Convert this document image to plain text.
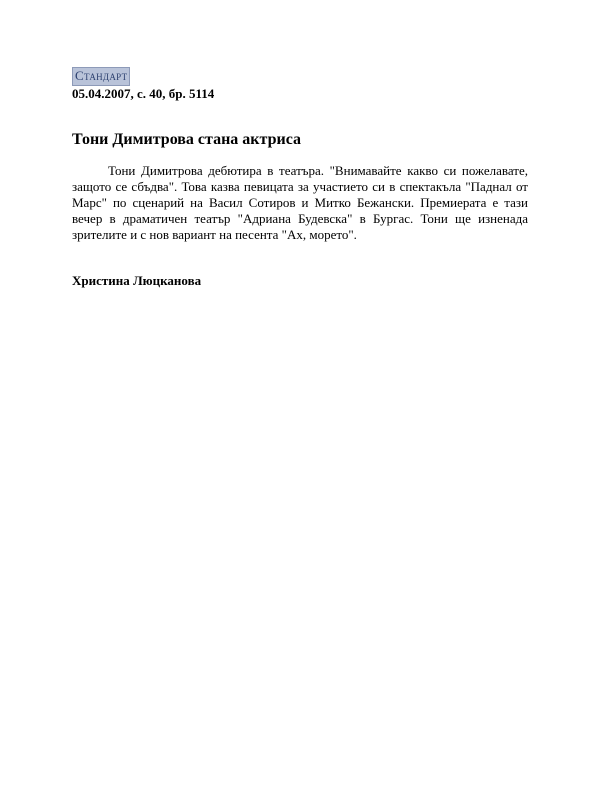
Стандарт
05.04.2007, с. 40, бр. 5114
Тони Димитрова стана актриса

Тони Димитрова дебютира в театъра. "Внимавайте какво си пожелавате, защото се сбъдва". Това казва певицата за участието си в спектакъла "Паднал от Марс" по сценарий на Васил Сотиров и Митко Бежански. Премиерата е тази вечер в драматичен театър "Адриана Будевска" в Бургас. Тони ще изненада зрителите и с нов вариант на песента "Ах, морето".

Христина Люцканова
